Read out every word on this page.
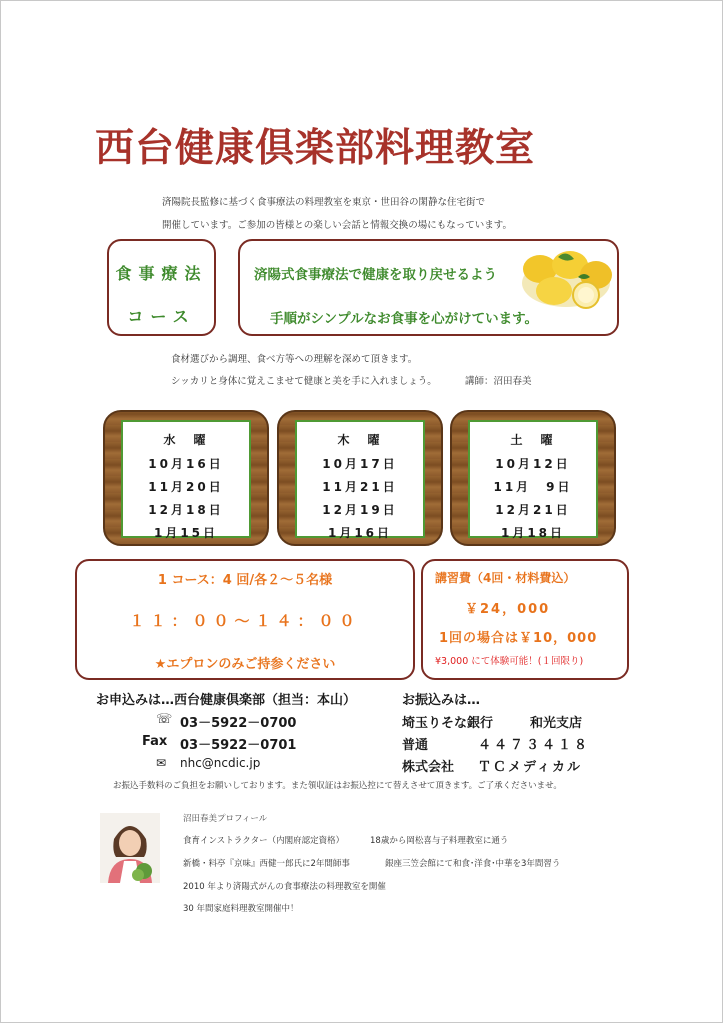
西台健康倶楽部料理教室

済陽院長監修に基づく食事療法の料理教室を東京・世田谷の閑静な住宅街で

開催しています。ご参加の皆様との楽しい会話と情報交換の場にもなっています。

食事療法
コース
済陽式食事療法で健康を取り戻せるよう
手順がシンプルなお食事を心がけています。

食材選びから調理、食べ方等への理解を深めて頂きます。

シッカリと身体に覚えこませて健康と美を手に入れましょう。	講師：沼田春美

水　曜
10月16日
11月20日
12月18日
1月15日
木　曜
10月17日
11月21日
12月19日
1月16日
土　曜
10月12日
11月　9日
12月21日
1月18日
1 コース：4 回/各２～５名様
１１：００～１４：００
★エプロンのみご持参ください
講習費（4回・材料費込）
￥24，000
1回の場合は￥10，000
¥3,000 にて体験可能！(１回限り)

お申込みは…西台健康倶楽部（担当：本山）

☏ 03－5922－0700

Fax 03－5922－0701

✉ nhc@ncdic.jp

お振込みは…

埼玉りそな銀行	和光支店

普通	４４７３４１８

株式会社 ＴＣメディカル

お振込手数料のご負担をお願いしております。また領収証はお振込控にて替えさせて頂きます。ご了承くださいませ。

沼田春美プロフィール

食育インストラクター（内閣府認定資格）	18歳から岡松喜与子料理教室に通う

新橋・料亭『京味』西健一郎氏に2年間師事	銀座三笠会館にて和食･洋食･中華を3年間習う

2010 年より済陽式がんの食事療法の料理教室を開催

30 年間家庭料理教室開催中！
